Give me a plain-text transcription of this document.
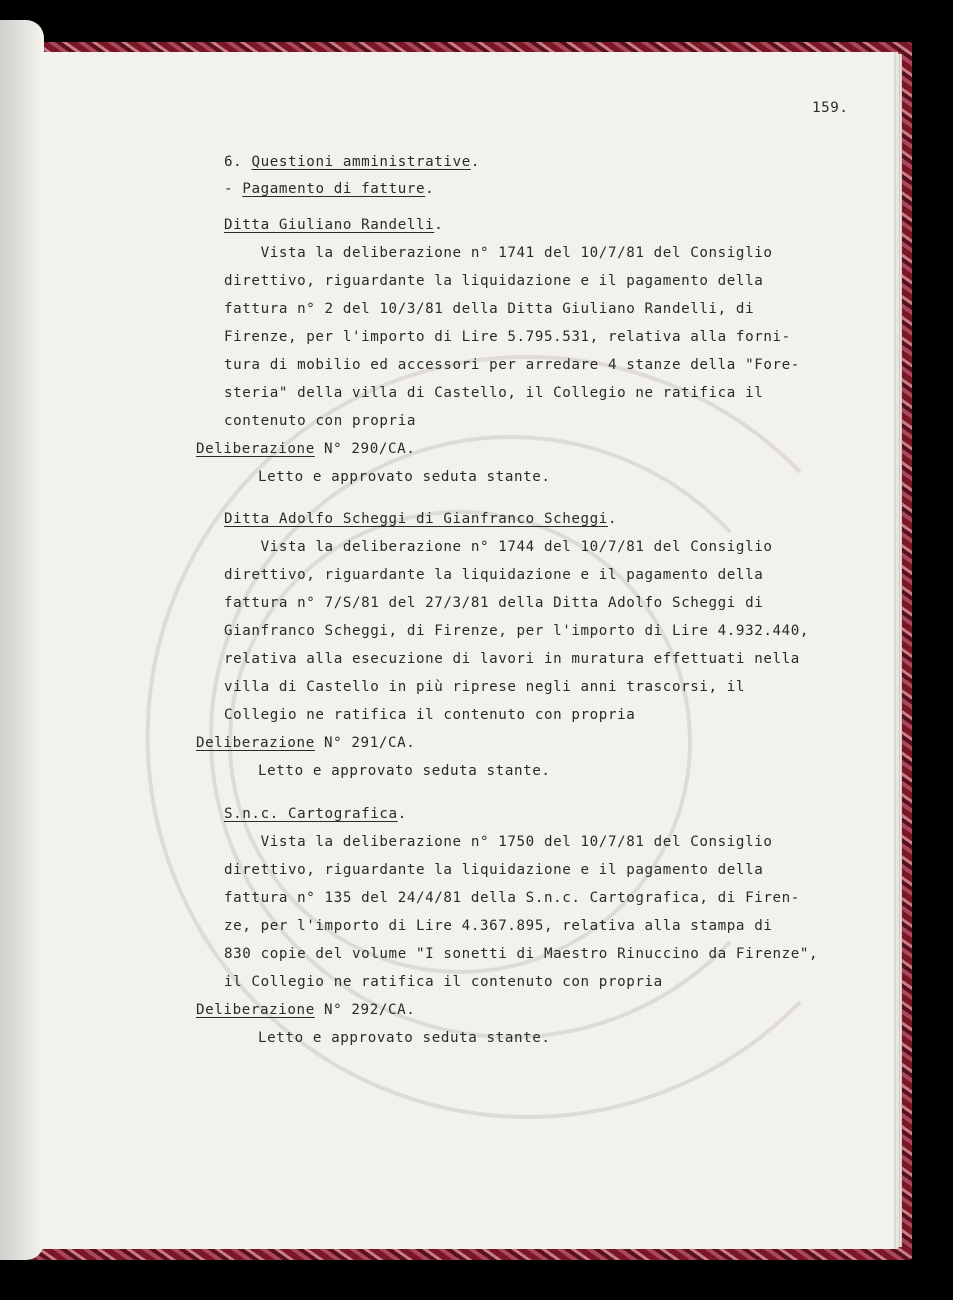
159.
6. Questioni amministrative.
- Pagamento di fatture.
Ditta Giuliano Randelli.
Vista la deliberazione n° 1741 del 10/7/81 del Consiglio
direttivo, riguardante la liquidazione e il pagamento della
fattura n° 2 del 10/3/81 della Ditta Giuliano Randelli, di
Firenze, per l'importo di Lire 5.795.531, relativa alla forni-
tura di mobilio ed accessori per arredare 4 stanze della "Fore-
steria" della villa di Castello, il Collegio ne ratifica il
contenuto con propria
Deliberazione N° 290/CA.
Letto e approvato seduta stante.
Ditta Adolfo Scheggi di Gianfranco Scheggi.
Vista la deliberazione n° 1744 del 10/7/81 del Consiglio
direttivo, riguardante la liquidazione e il pagamento della
fattura n° 7/S/81 del 27/3/81 della Ditta Adolfo Scheggi di
Gianfranco Scheggi, di Firenze, per l'importo di Lire 4.932.440,
relativa alla esecuzione di lavori in muratura effettuati nella
villa di Castello in più riprese negli anni trascorsi, il
Collegio ne ratifica il contenuto con propria
Deliberazione N° 291/CA.
Letto e approvato seduta stante.
S.n.c. Cartografica.
Vista la deliberazione n° 1750 del 10/7/81 del Consiglio
direttivo, riguardante la liquidazione e il pagamento della
fattura n° 135 del 24/4/81 della S.n.c. Cartografica, di Firen-
ze, per l'importo di Lire 4.367.895, relativa alla stampa di
830 copie del volume "I sonetti di Maestro Rinuccino da Firenze",
il Collegio ne ratifica il contenuto con propria
Deliberazione N° 292/CA.
Letto e approvato seduta stante.
